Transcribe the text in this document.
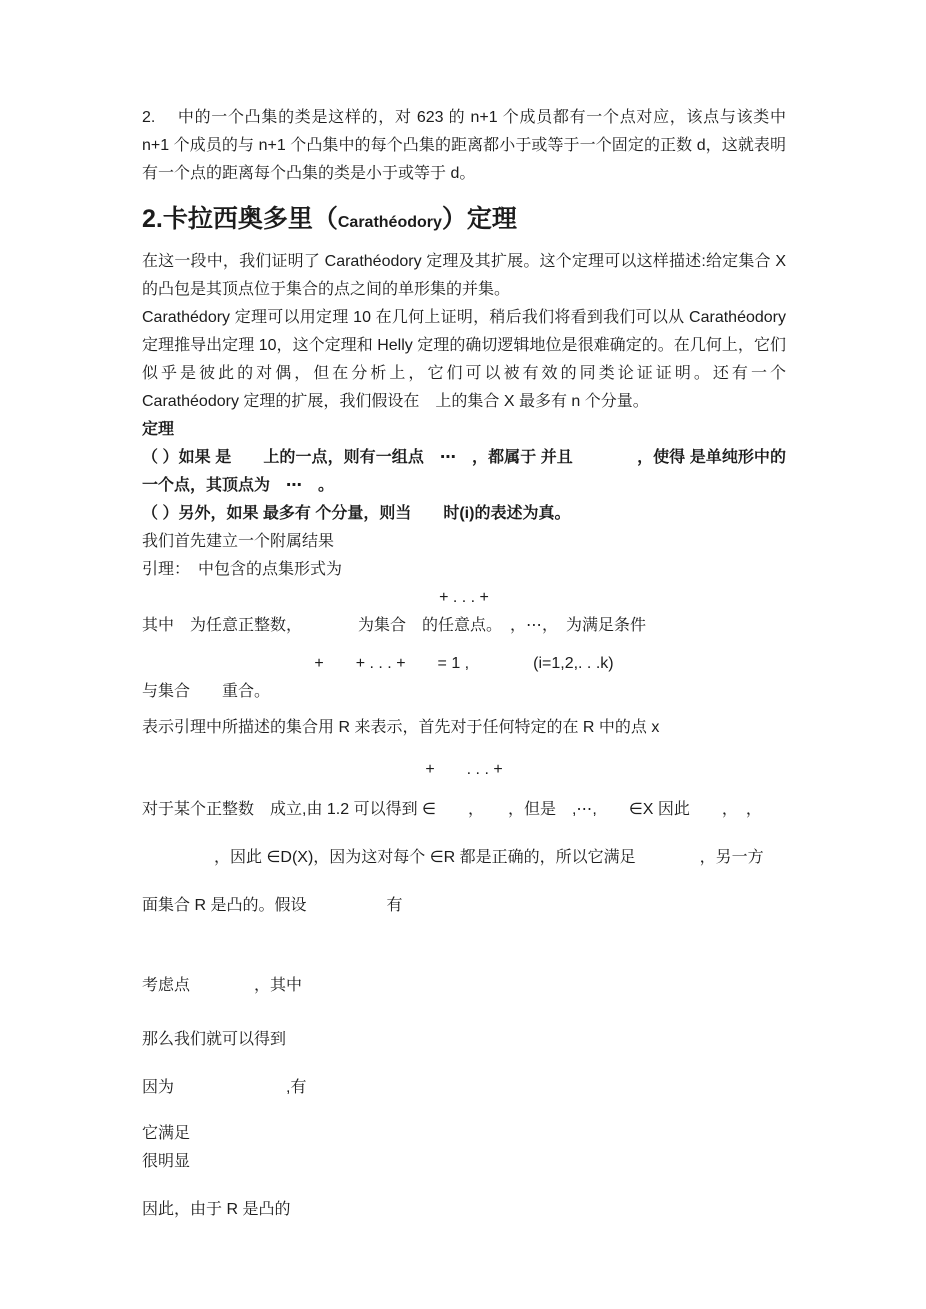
2.　 中的一个凸集的类是这样的，对 623 的 n+1 个成员都有一个点对应，该点与该类中 n+1 个成员的与 n+1 个凸集中的每个凸集的距离都小于或等于一个固定的正数 d，这就表明有一个点的距离每个凸集的类是小于或等于 d。

2.卡拉西奥多里（Carathéodory）定理

在这一段中，我们证明了 Carathéodory 定理及其扩展。这个定理可以这样描述:给定集合 X 的凸包是其顶点位于集合的点之间的单形集的并集。

Carathédory 定理可以用定理 10 在几何上证明，稍后我们将看到我们可以从 Carathéodory 定理推导出定理 10，这个定理和 Helly 定理的确切逻辑地位是很难确定的。在几何上，它们似乎是彼此的对偶，但在分析上，它们可以被有效的同类论证证明。还有一个 Carathéodory 定理的扩展，我们假设在　上的集合 X 最多有 n 个分量。

定理

（ ）如果 是　　上的一点，则有一组点　⋯　，都属于 并且　　　　，使得 是单纯形中的一个点，其顶点为　⋯　。

（ ）另外，如果 最多有 个分量，则当　　时(i)的表述为真。

我们首先建立一个附属结果

引理：　中包含的点集形式为

+ . . . +

其中　为任意正整数，　　　　为集合　的任意点。　，⋯，　为满足条件

+　　+ . . . +　　= 1 ,　　　　(i=1,2,. . .k)

与集合　　重合。

表示引理中所描述的集合用 R 来表示，首先对于任何特定的在 R 中的点 x

+　　. . . +

对于某个正整数　成立,由 1.2 可以得到 ∈　　，　　，但是　,⋯,　　∈X 因此　　，　，

，因此 ∈D(X)，因为这对每个 ∈R 都是正确的，所以它满足　　　　，另一方

面集合 R 是凸的。假设　　　　　有

考虑点　　　　，其中

那么我们就可以得到

因为　　　　　　　,有

它满足

很明显

因此，由于 R 是凸的
